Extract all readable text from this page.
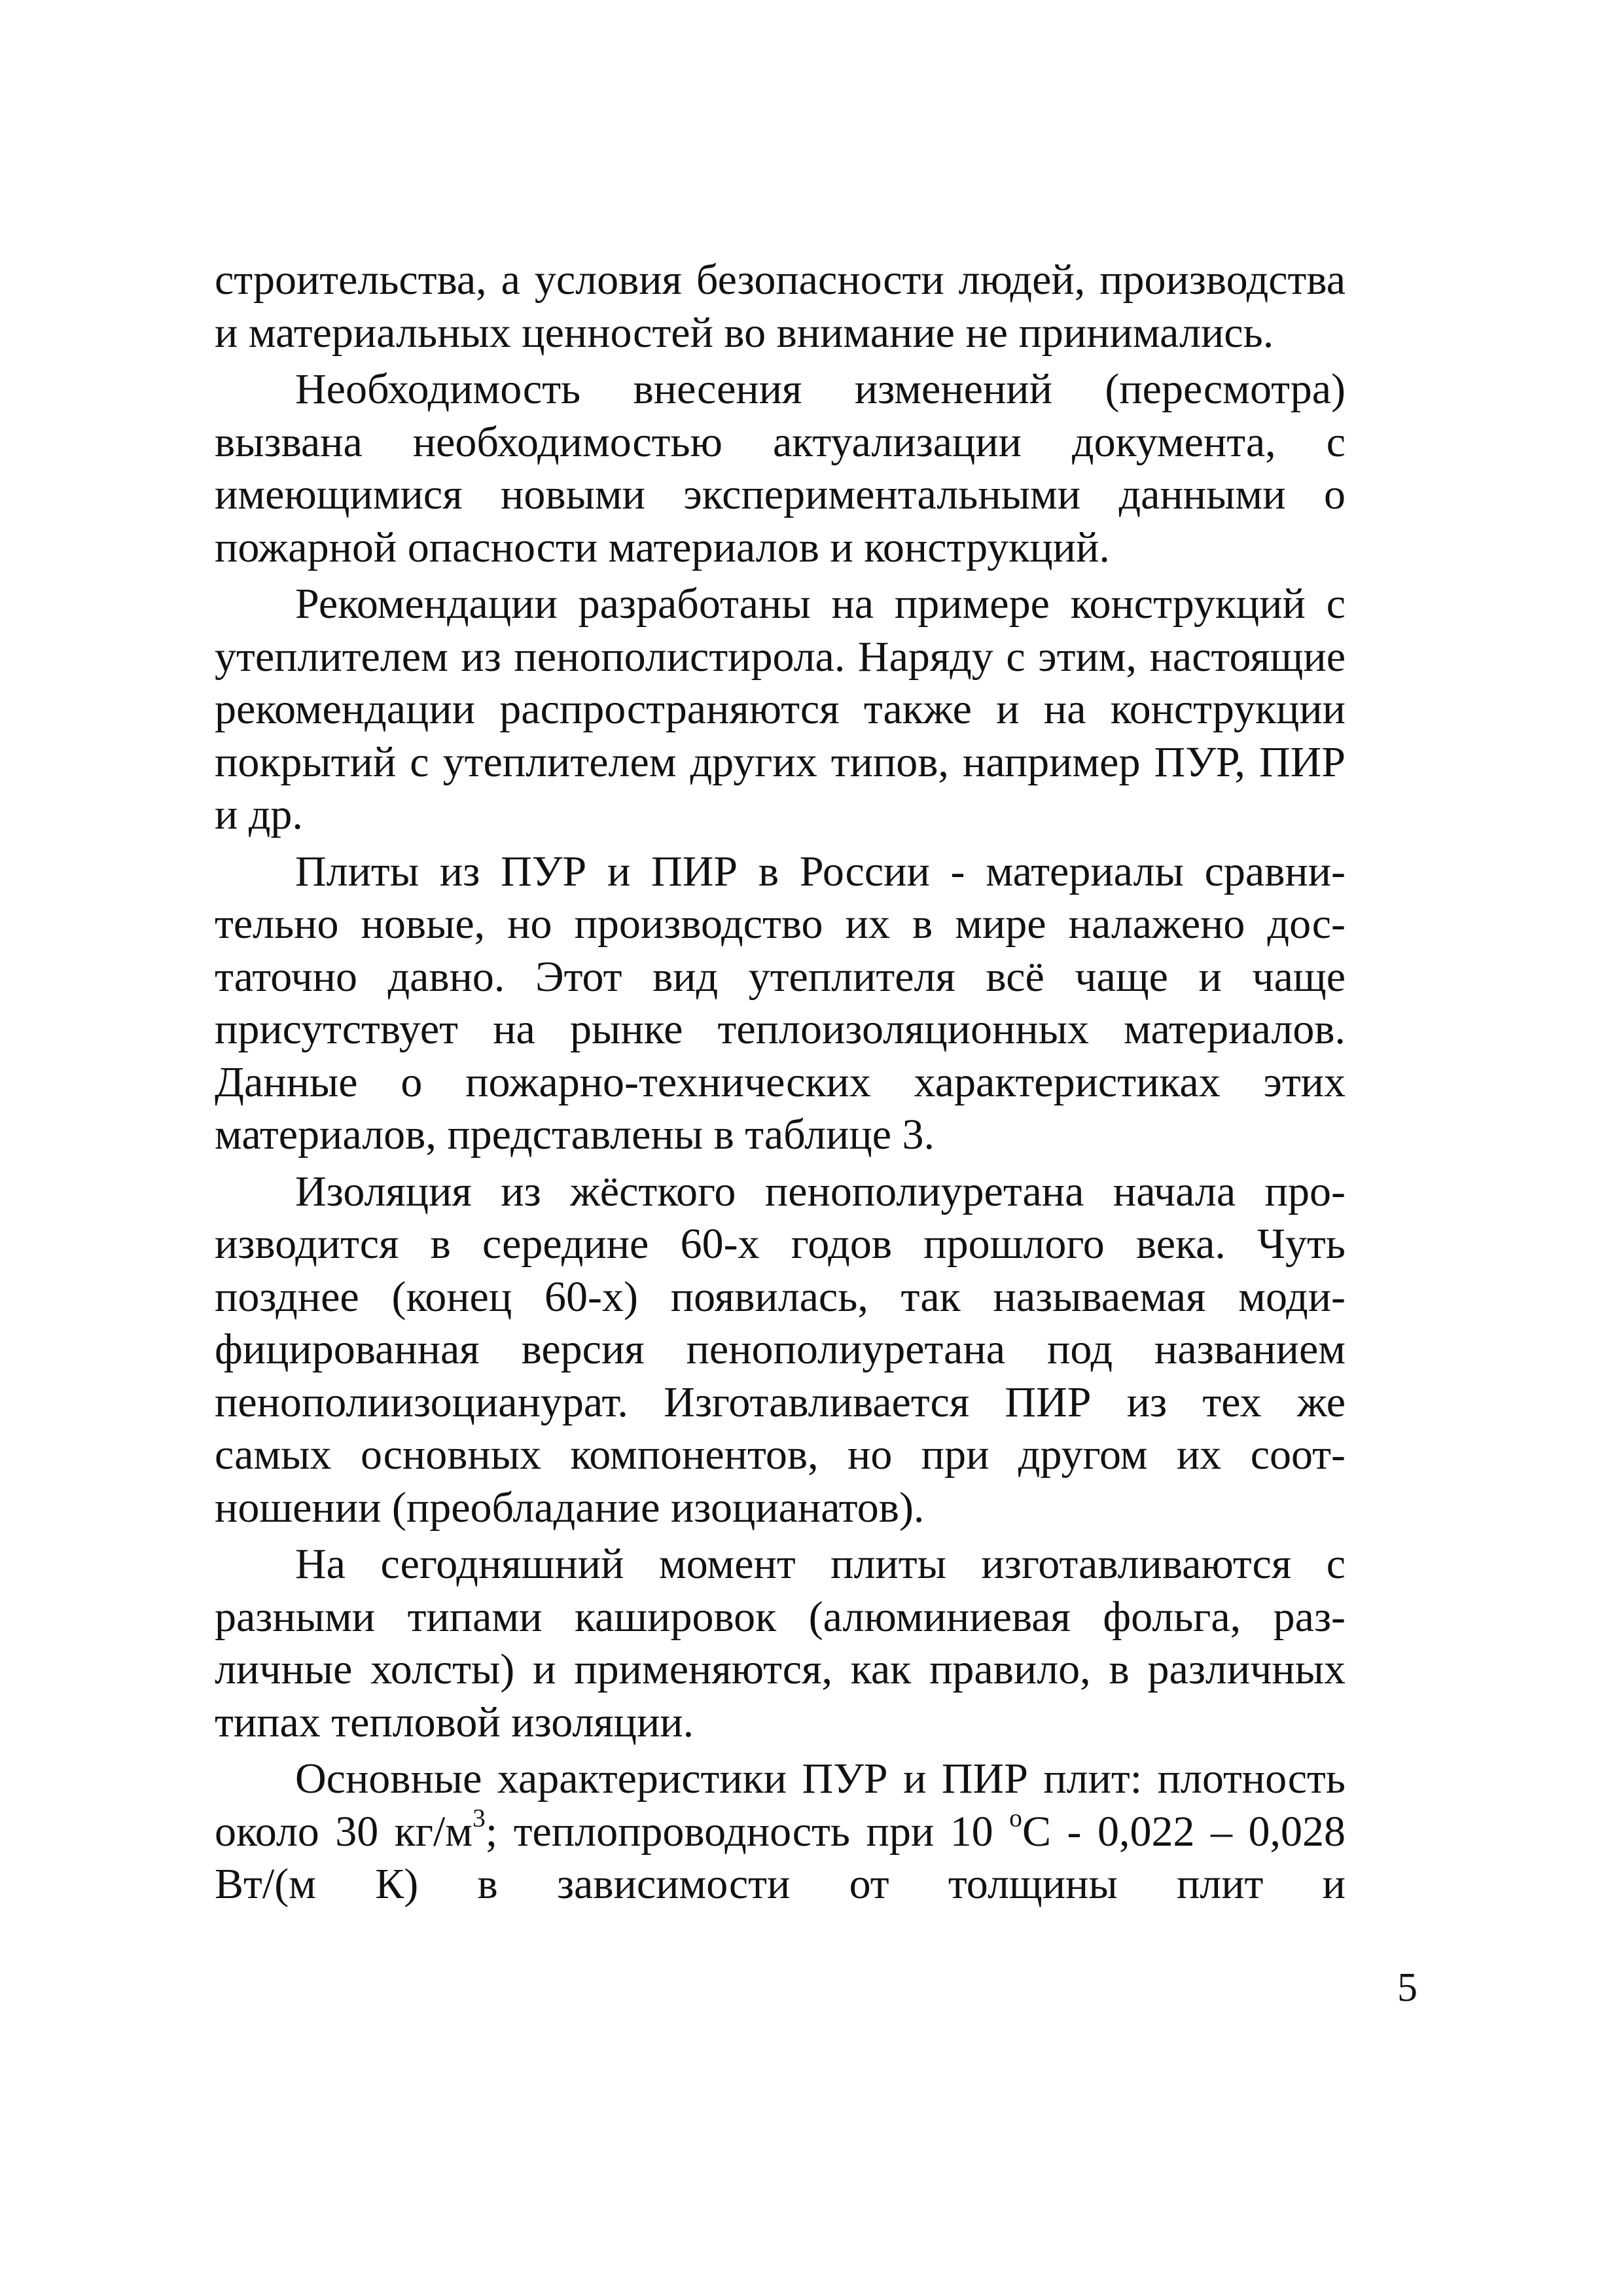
строительства, а условия безопасности людей, производства и материальных ценностей во внимание не принимались.

Необходимость внесения изменений (пересмотра) вызвана необходимостью актуализации документа, с имеющимися новыми экспериментальными данными о пожарной опасности материалов и конструкций.

Рекомендации разработаны на примере конструкций с утеплителем из пенополистирола. Наряду с этим, настоящие рекомендации распространяются также и на конструкции покрытий с утеплителем других типов, например ПУР, ПИР и др.

Плиты из ПУР и ПИР в России - материалы сравнительно новые, но производство их в мире налажено достаточно давно. Этот вид утеплителя всё чаще и чаще присутствует на рынке теплоизоляционных материалов. Данные о пожарно-технических характеристиках этих материалов, представлены в таблице 3.

Изоляция из жёсткого пенополиуретана начала производится в середине 60-х годов прошлого века. Чуть позднее (конец 60-х) появилась, так называемая модифицированная версия пенополиуретана под названием пенополиизоцианурат. Изготавливается ПИР из тех же самых основных компонентов, но при другом их соотношении (преобладание изоцианатов).

На сегодняшний момент плиты изготавливаются с разными типами кашировок (алюминиевая фольга, различные холсты) и применяются, как правило, в различных типах тепловой изоляции.

Основные характеристики ПУР и ПИР плит: плотность около 30 $кг/м^3$; теплопроводность при 10 $^o$С - 0,022 – 0,028 Вт/(м К) в зависимости от толщины плит и

5
